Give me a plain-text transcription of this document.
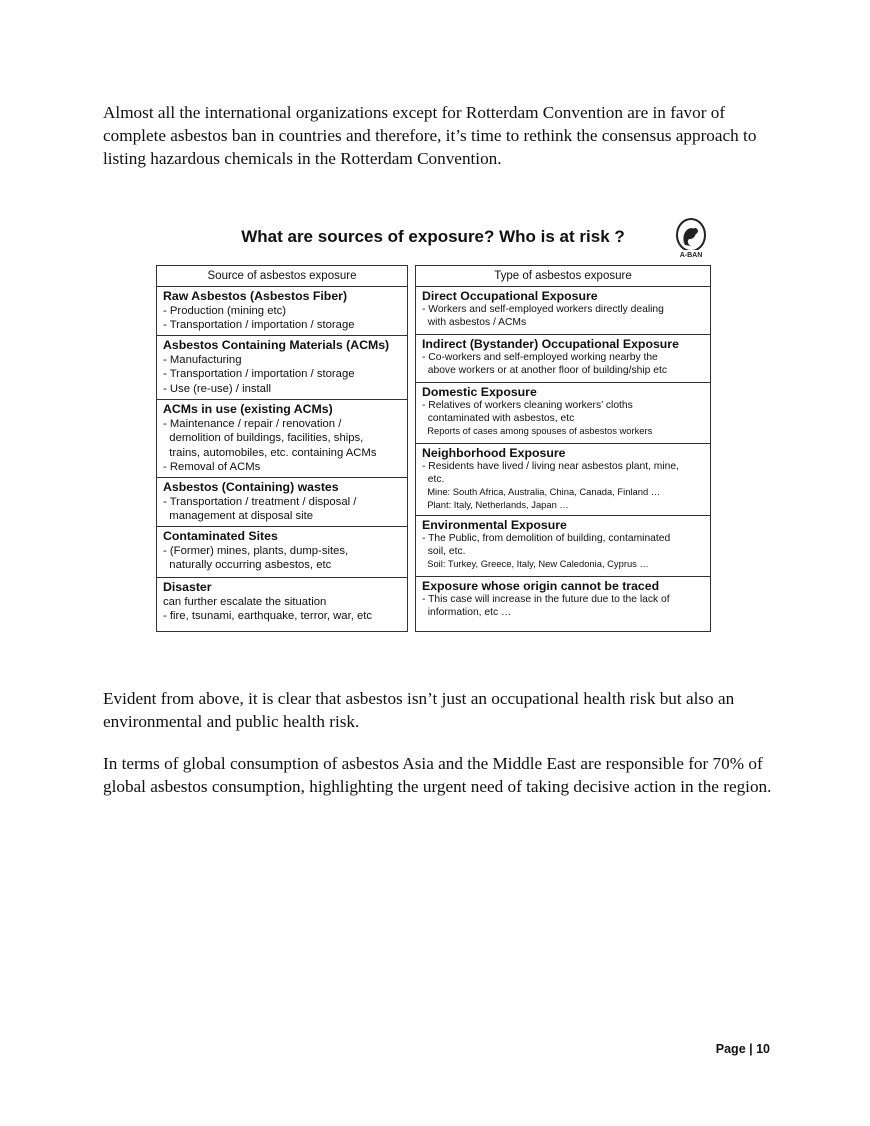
Almost all the international organizations except for Rotterdam Convention are in favor of complete asbestos ban in countries and therefore, it’s time to rethink the consensus approach to listing hazardous chemicals in the Rotterdam Convention.

What are sources of exposure? Who is at risk ?

A-BAN
Source of asbestos exposure

Raw Asbestos (Asbestos Fiber)

- Production (mining etc)

- Transportation / importation / storage

Asbestos Containing Materials (ACMs)

- Manufacturing

- Transportation / importation / storage

- Use (re-use) / install

ACMs in use (existing ACMs)

- Maintenance / repair / renovation /

demolition of buildings, facilities, ships,

trains, automobiles, etc. containing ACMs

- Removal of ACMs

Asbestos (Containing) wastes

- Transportation / treatment / disposal /

management at disposal site

Contaminated Sites

- (Former) mines, plants, dump-sites,

naturally occurring asbestos, etc

Disaster

can further escalate the situation

- fire, tsunami, earthquake, terror, war, etc

Type of asbestos exposure

Direct Occupational Exposure

- Workers and self-employed workers directly dealing

with asbestos / ACMs

Indirect (Bystander) Occupational Exposure

- Co-workers and self-employed working nearby the

above workers or at another floor of building/ship etc

Domestic Exposure

- Relatives of workers cleaning workers’ cloths

contaminated with asbestos, etc

Reports of cases among spouses of asbestos workers

Neighborhood Exposure

- Residents have lived / living near asbestos plant, mine,

etc.

Mine: South Africa, Australia, China, Canada, Finland …

Plant: Italy, Netherlands, Japan …

Environmental Exposure

- The Public, from demolition of building, contaminated

soil, etc.

Soil: Turkey, Greece, Italy, New Caledonia, Cyprus …

Exposure whose origin cannot be traced

- This case will increase in the future due to the lack of

information, etc …

Evident from above, it is clear that asbestos isn’t just an occupational health risk but also an environmental and public health risk.

In terms of global consumption of asbestos Asia and the Middle East are responsible for 70% of global asbestos consumption, highlighting the urgent need of taking decisive action in the region.

Page | 10
